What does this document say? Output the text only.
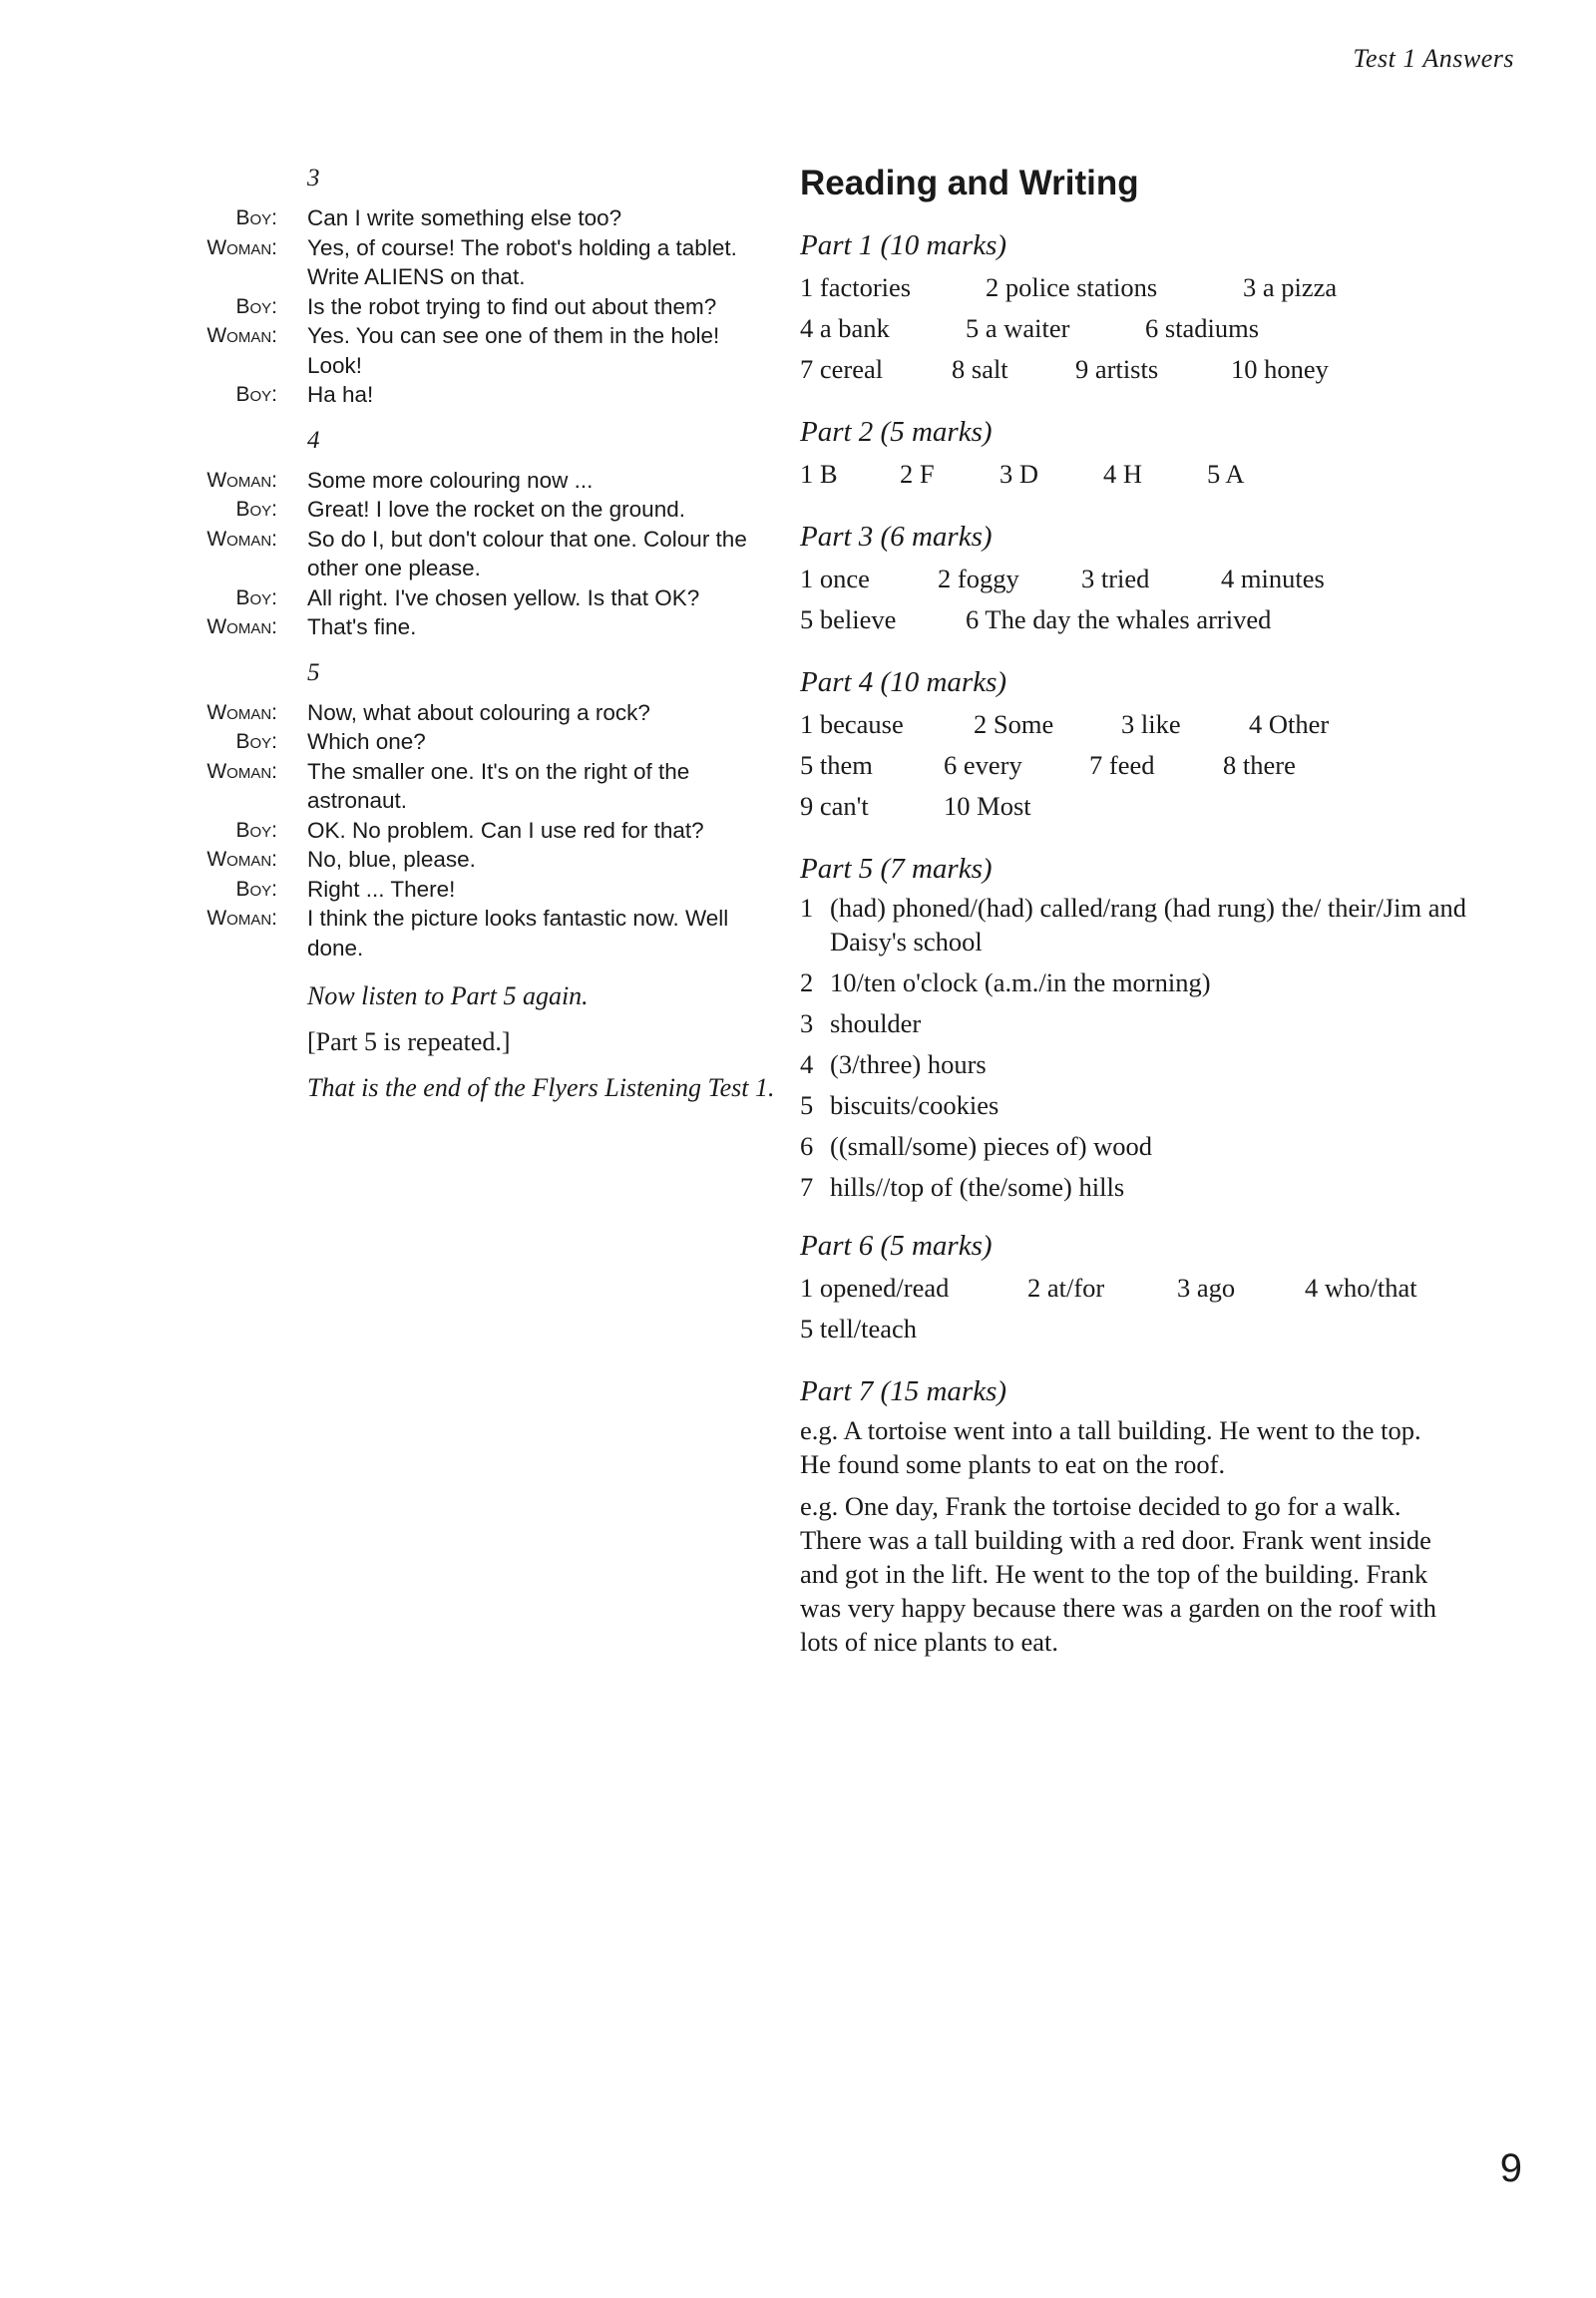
Test 1 Answers
3
Boy: Can I write something else too?
Woman: Yes, of course! The robot's holding a tablet. Write ALIENS on that.
Boy: Is the robot trying to find out about them?
Woman: Yes. You can see one of them in the hole! Look!
Boy: Ha ha!
4
Woman: Some more colouring now ...
Boy: Great! I love the rocket on the ground.
Woman: So do I, but don't colour that one. Colour the other one please.
Boy: All right. I've chosen yellow. Is that OK?
Woman: That's fine.
5
Woman: Now, what about colouring a rock?
Boy: Which one?
Woman: The smaller one. It's on the right of the astronaut.
Boy: OK. No problem. Can I use red for that?
Woman: No, blue, please.
Boy: Right ... There!
Woman: I think the picture looks fantastic now. Well done.

Now listen to Part 5 again.

[Part 5 is repeated.]

That is the end of the Flyers Listening Test 1.

Reading and Writing
Part 1 (10 marks)
1 factories	2 police stations	3 a pizza
4 a bank	5 a waiter	6 stadiums
7 cereal	8 salt	9 artists	10 honey
Part 2 (5 marks)
1 B	2 F	3 D	4 H	5 A
Part 3 (6 marks)
1 once	2 foggy	3 tried	4 minutes
5 believe	6 The day the whales arrived
Part 4 (10 marks)
1 because	2 Some	3 like	4 Other
5 them	6 every	7 feed	8 there
9 can't	10 Most
Part 5 (7 marks)
1 (had) phoned/(had) called/rang (had rung) the/ their/Jim and Daisy's school
2 10/ten o'clock (a.m./in the morning)
3 shoulder
4 (3/three) hours
5 biscuits/cookies
6 ((small/some) pieces of) wood
7 hills//top of (the/some) hills
Part 6 (5 marks)
1 opened/read	2 at/for	3 ago	4 who/that
5 tell/teach
Part 7 (15 marks)

e.g. A tortoise went into a tall building. He went to the top. He found some plants to eat on the roof.

e.g. One day, Frank the tortoise decided to go for a walk. There was a tall building with a red door. Frank went inside and got in the lift. He went to the top of the building. Frank was very happy because there was a garden on the roof with lots of nice plants to eat.

9
